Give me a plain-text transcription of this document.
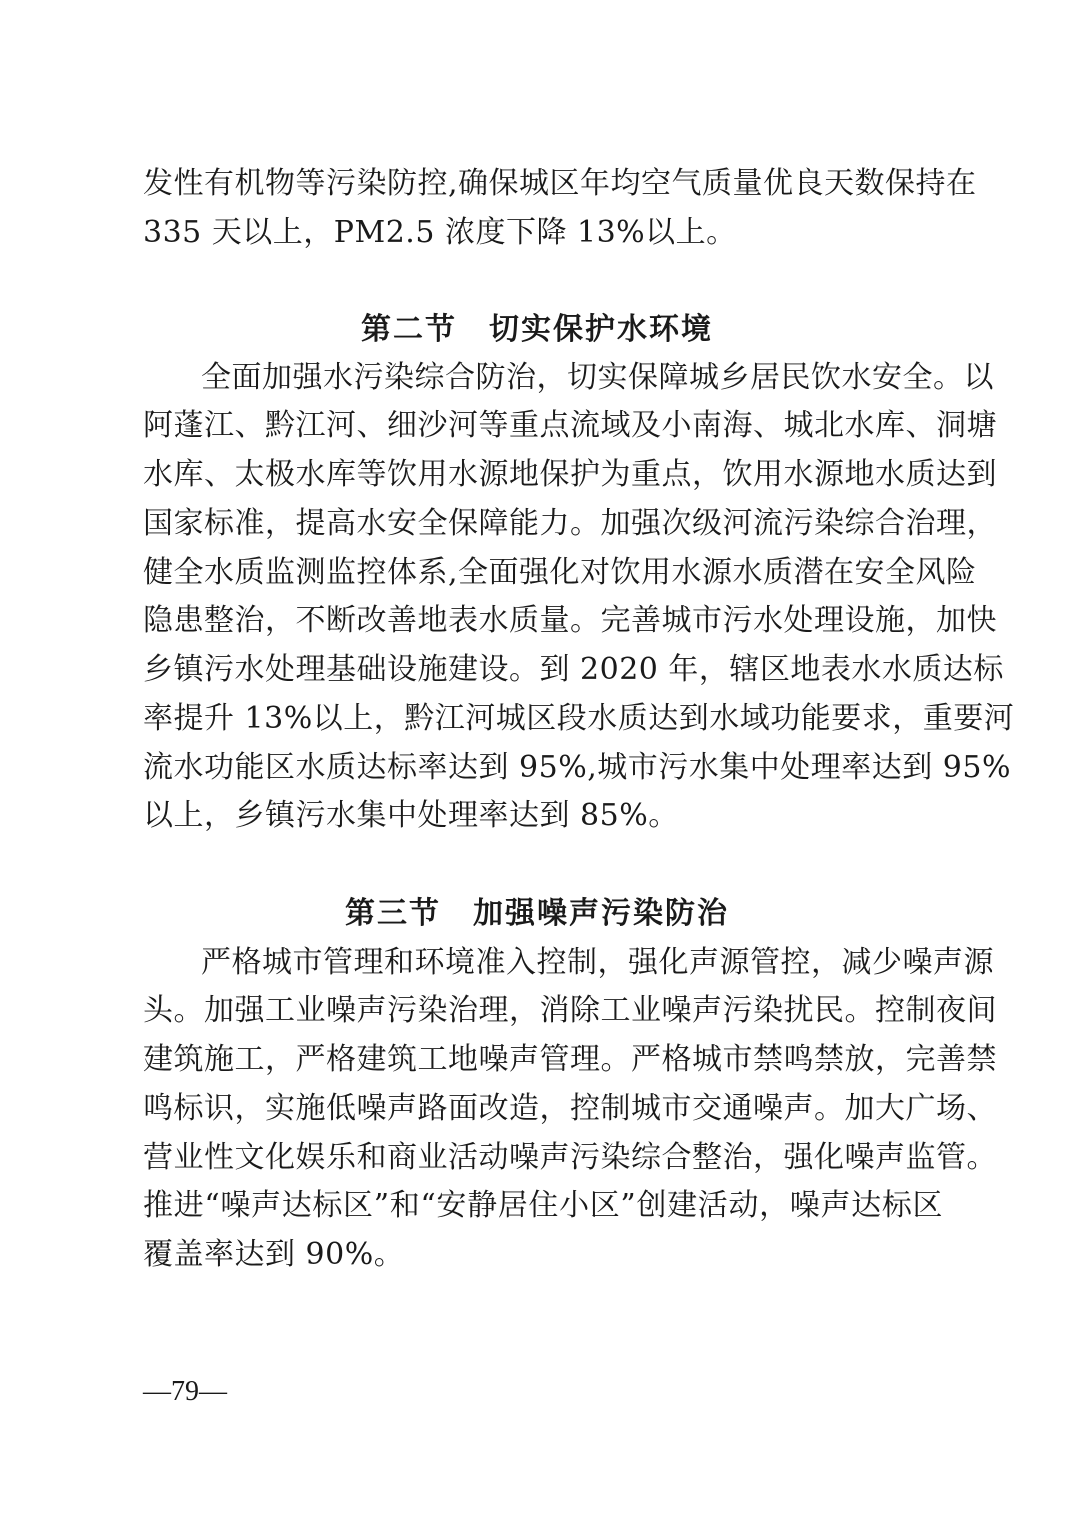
发性有机物等污染防控,确保城区年均空气质量优良天数保持在
335 天以上，PM2.5 浓度下降 13%以上。
第二节　切实保护水环境
全面加强水污染综合防治，切实保障城乡居民饮水安全。以
阿蓬江、黔江河、细沙河等重点流域及小南海、城北水库、洞塘
水库、太极水库等饮用水源地保护为重点，饮用水源地水质达到
国家标准，提高水安全保障能力。加强次级河流污染综合治理，
健全水质监测监控体系,全面强化对饮用水源水质潜在安全风险
隐患整治，不断改善地表水质量。完善城市污水处理设施，加快
乡镇污水处理基础设施建设。到 2020 年，辖区地表水水质达标
率提升 13%以上，黔江河城区段水质达到水域功能要求，重要河
流水功能区水质达标率达到 95%,城市污水集中处理率达到 95%
以上，乡镇污水集中处理率达到 85%。
第三节　加强噪声污染防治
严格城市管理和环境准入控制，强化声源管控，减少噪声源
头。加强工业噪声污染治理，消除工业噪声污染扰民。控制夜间
建筑施工，严格建筑工地噪声管理。严格城市禁鸣禁放，完善禁
鸣标识，实施低噪声路面改造，控制城市交通噪声。加大广场、
营业性文化娱乐和商业活动噪声污染综合整治，强化噪声监管。
推进“噪声达标区”和“安静居住小区”创建活动，噪声达标区
覆盖率达到 90%。
—79—
